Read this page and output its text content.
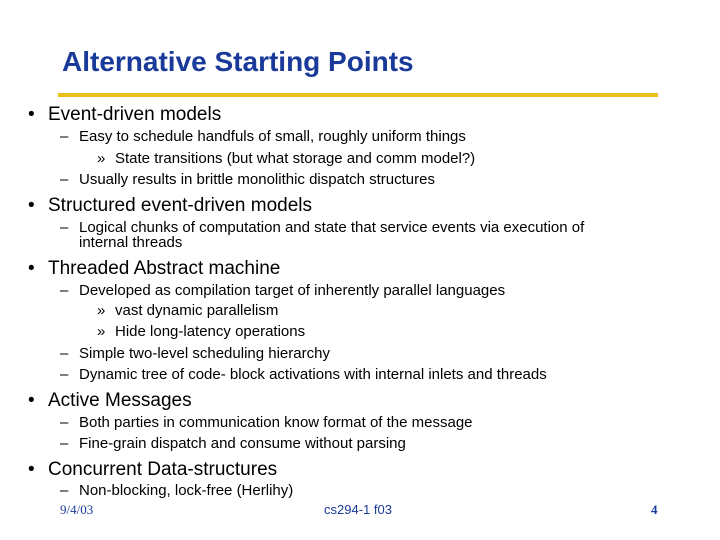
Alternative Starting Points
• Event-driven models
– Easy to schedule handfuls of small, roughly uniform things
» State transitions (but what storage and comm model?)
– Usually results in brittle monolithic dispatch structures
• Structured event-driven models
– Logical chunks of computation and state that service events via execution of
internal threads
• Threaded Abstract machine
– Developed as compilation target of inherently parallel languages
» vast dynamic parallelism
» Hide long-latency operations
– Simple two-level scheduling hierarchy
– Dynamic tree of code- block activations with internal inlets and threads
• Active Messages
– Both parties in communication know format of the message
– Fine-grain dispatch and consume without parsing
• Concurrent Data-structures
– Non-blocking, lock-free (Herlihy)
9/4/03	cs294-1 f03	4
